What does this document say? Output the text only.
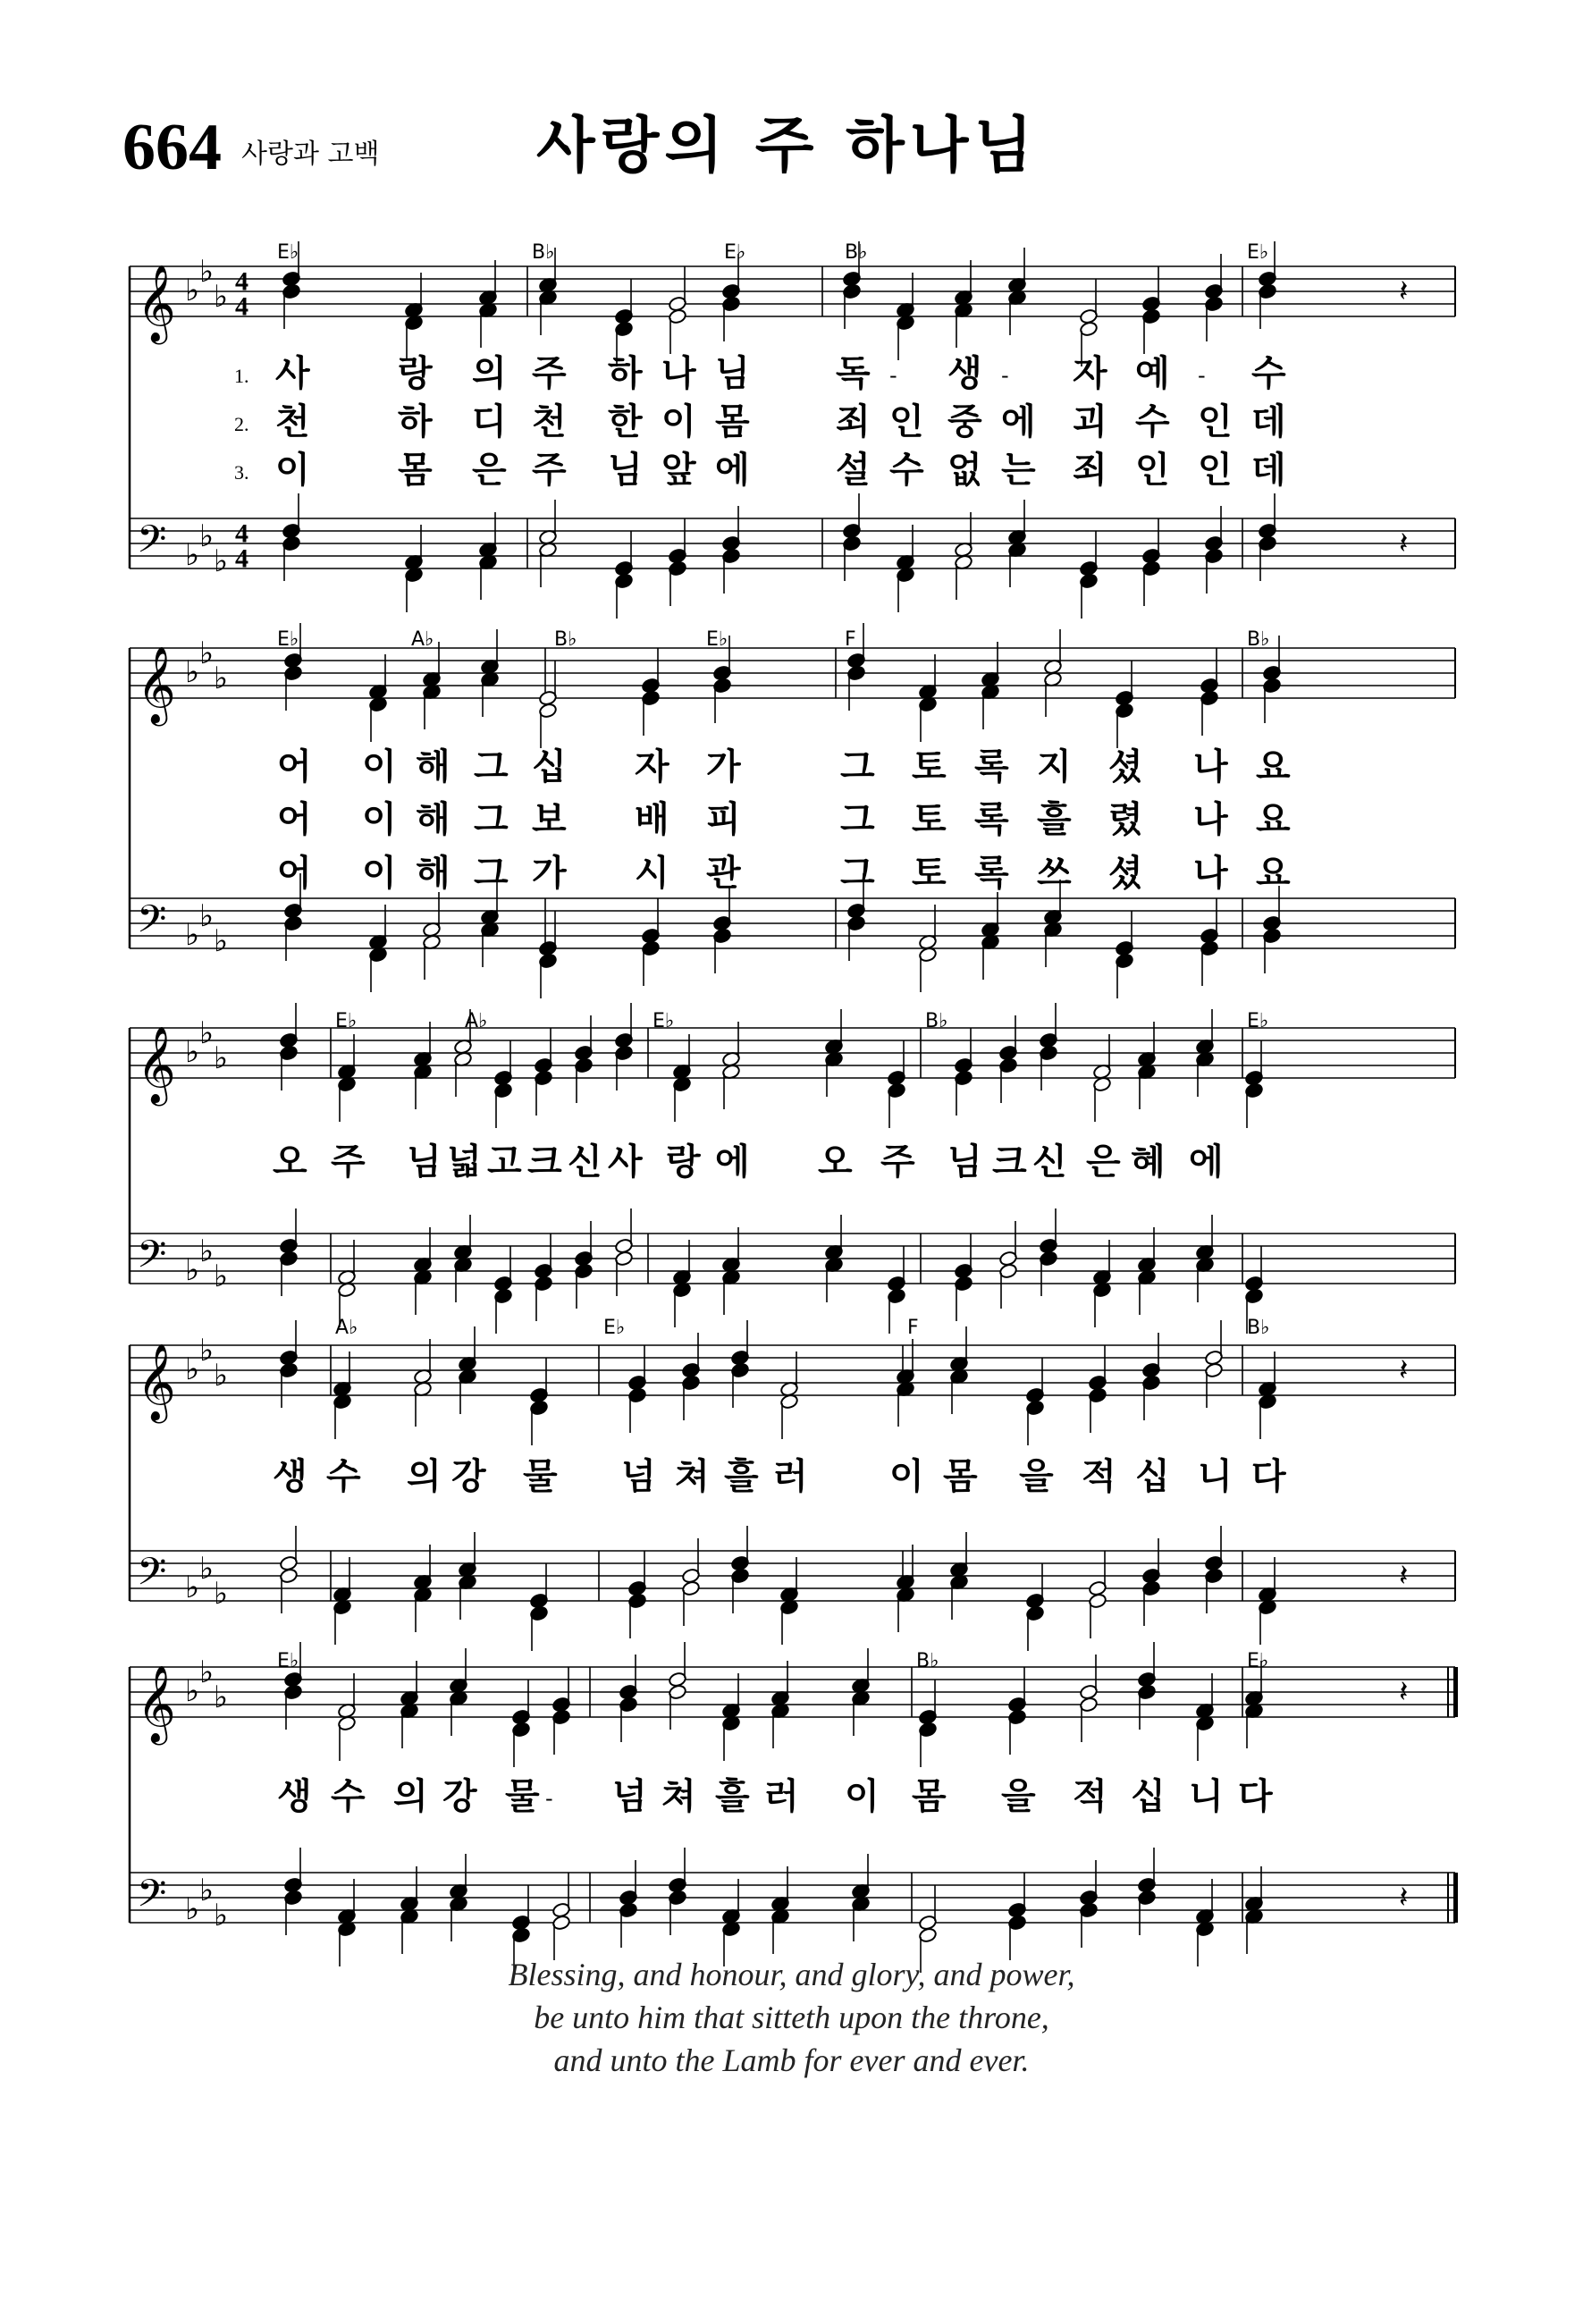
664 사랑과 고백	사랑의 주 하나님
𝄞 ♭
♭
♭ 4
4
𝄢 ♭
♭
♭
4
4
𝄽
𝄽
E♭	B♭	E♭	B♭	E♭
1. 사 랑 의 주 하 나 님 독 - 생 - 자 예 - 수
2. 천 하 디 천 한 이 몸 죄 인 중 에 괴 수 인 데
3. 이 몸 은 주 님 앞 에 설 수 없 는 죄 인 인 데
𝄞 ♭
♭
♭
𝄢 ♭
♭
♭
E♭	A♭	B♭	E♭	F	B♭
어 이 해 그 십 자 가	그 토 록 지 셨 나 요
어 이 해 그 보 배 피	그 토 록 흘 렸 나 요
어 이 해 그 가 시 관	그 토 록 쓰 셨 나 요
𝄞 ♭
♭
♭
𝄢 ♭
♭
♭
E♭	A♭	E♭	B♭	E♭
오 주 님 넓 고 크 신 사 랑 에 오 주 님 크 신 은 혜 에
𝄞 ♭
♭
♭
𝄢 ♭
♭
♭
𝄽
𝄽
A♭	E♭	F	B♭
생 수 의 강 물 넘 쳐 흘 러 이 몸 을 적 십 니 다
𝄞 ♭
♭
♭
𝄢 ♭
♭
♭
𝄽
𝄽
E♭	B♭	E♭
생 수 의 강 물 - 넘 쳐 흘 러 이 몸 을 적 십 니 다
Blessing, and honour, and glory, and power,
be unto him that sitteth upon the throne,
and unto the Lamb for ever and ever.
